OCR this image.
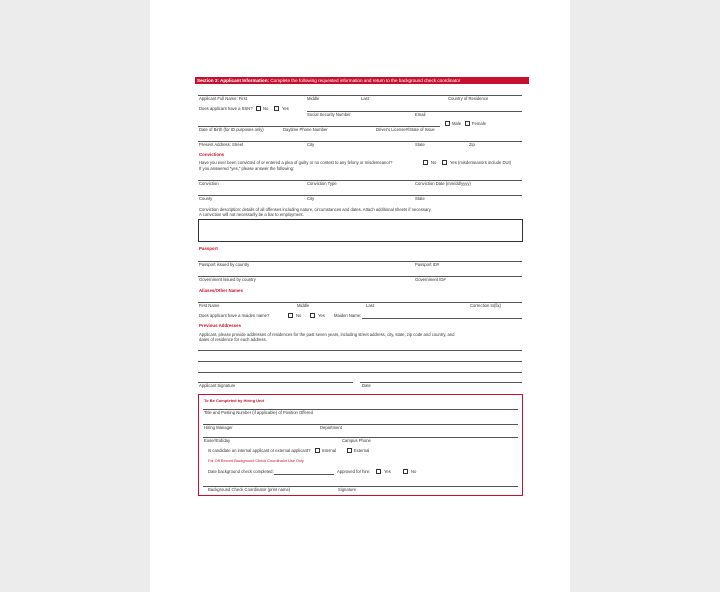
Section 3: Applicant Information: Complete the following requested information and return to the background check coordinator
Applicant Full Name: First	Middle	Last	Country of Residence
Does applicant have a SSN? No	Yes
Social Security Number	Email
Male	Female
Date of Birth (for ID purposes only)	Daytime Phone Number	Driver's License#/State of Issue
Present Address: Street	City	State	Zip
Convictions
Have you ever been convicted of or entered a plea of guilty or no contest to any felony or misdemeanor?	No	Yes (misdemeanors include DUI)
If you answered "yes," please answer the following:
Conviction	Conviction Type	Conviction Date (mm/dd/yyyy)
County	City	State
Conviction description: details of all offenses including nature, circumstances and dates. Attach additional sheets if necessary.
A conviction will not necessarily be a bar to employment.
Passport
Passport issued by country	Passport ID#
Government issued by country	Government ID#
Aliases/Other Names
First Name	Middle	Last	Correction to(fix)
Does applicant have a maiden name?	No	Yes Maiden Name:
Previous Addresses
Applicant, please provide addresses of residences for the past seven years, including street address, city, state, zip code and country, and
dates of residence for each address.
Applicant Signature	Date
To Be Completed by Hiring Unit
Title and Posting Number (if applicable) of Position Offered
Hiring Manager	Department
Euser/Eid/day	Campus Phone
Is candidate an internal applicant or external applicant?	Internal	External
For Off Record Background Check Coordinator Use Only
Date background check completed:	Approved for hire:	Yes	No
Background Check Coordinator (print name)	Signature
